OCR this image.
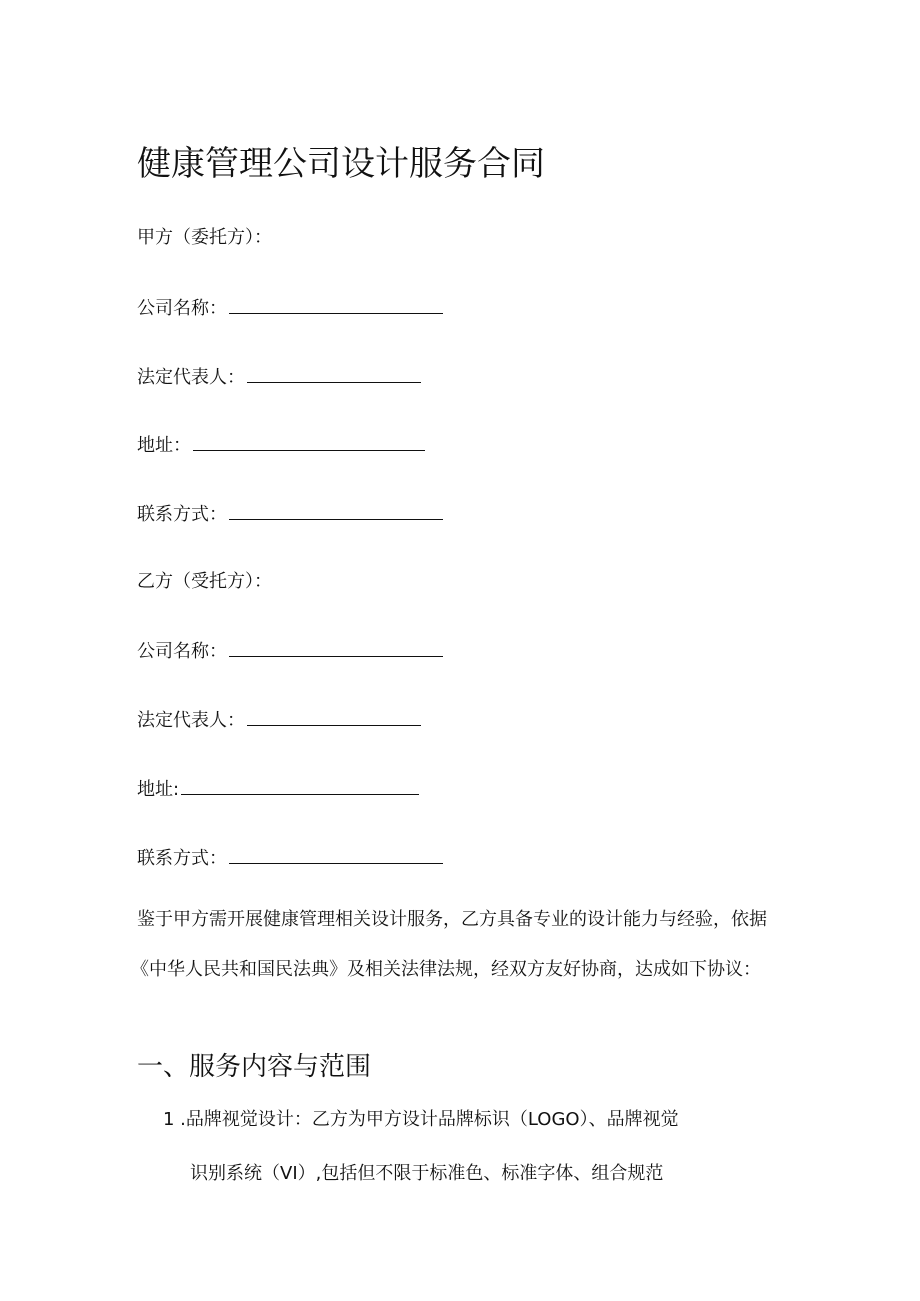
健康管理公司设计服务合同
甲方（委托方）：
公司名称：
法定代表人：
地址：
联系方式：
乙方（受托方）：
公司名称：
法定代表人：
地址:
联系方式：
鉴于甲方需开展健康管理相关设计服务，乙方具备专业的设计能力与经验，依据
《中华人民共和国民法典》及相关法律法规，经双方友好协商，达成如下协议：
一、服务内容与范围
1 .品牌视觉设计：乙方为甲方设计品牌标识（LOGO）、品牌视觉
识别系统（VI）,包括但不限于标准色、标准字体、组合规范
